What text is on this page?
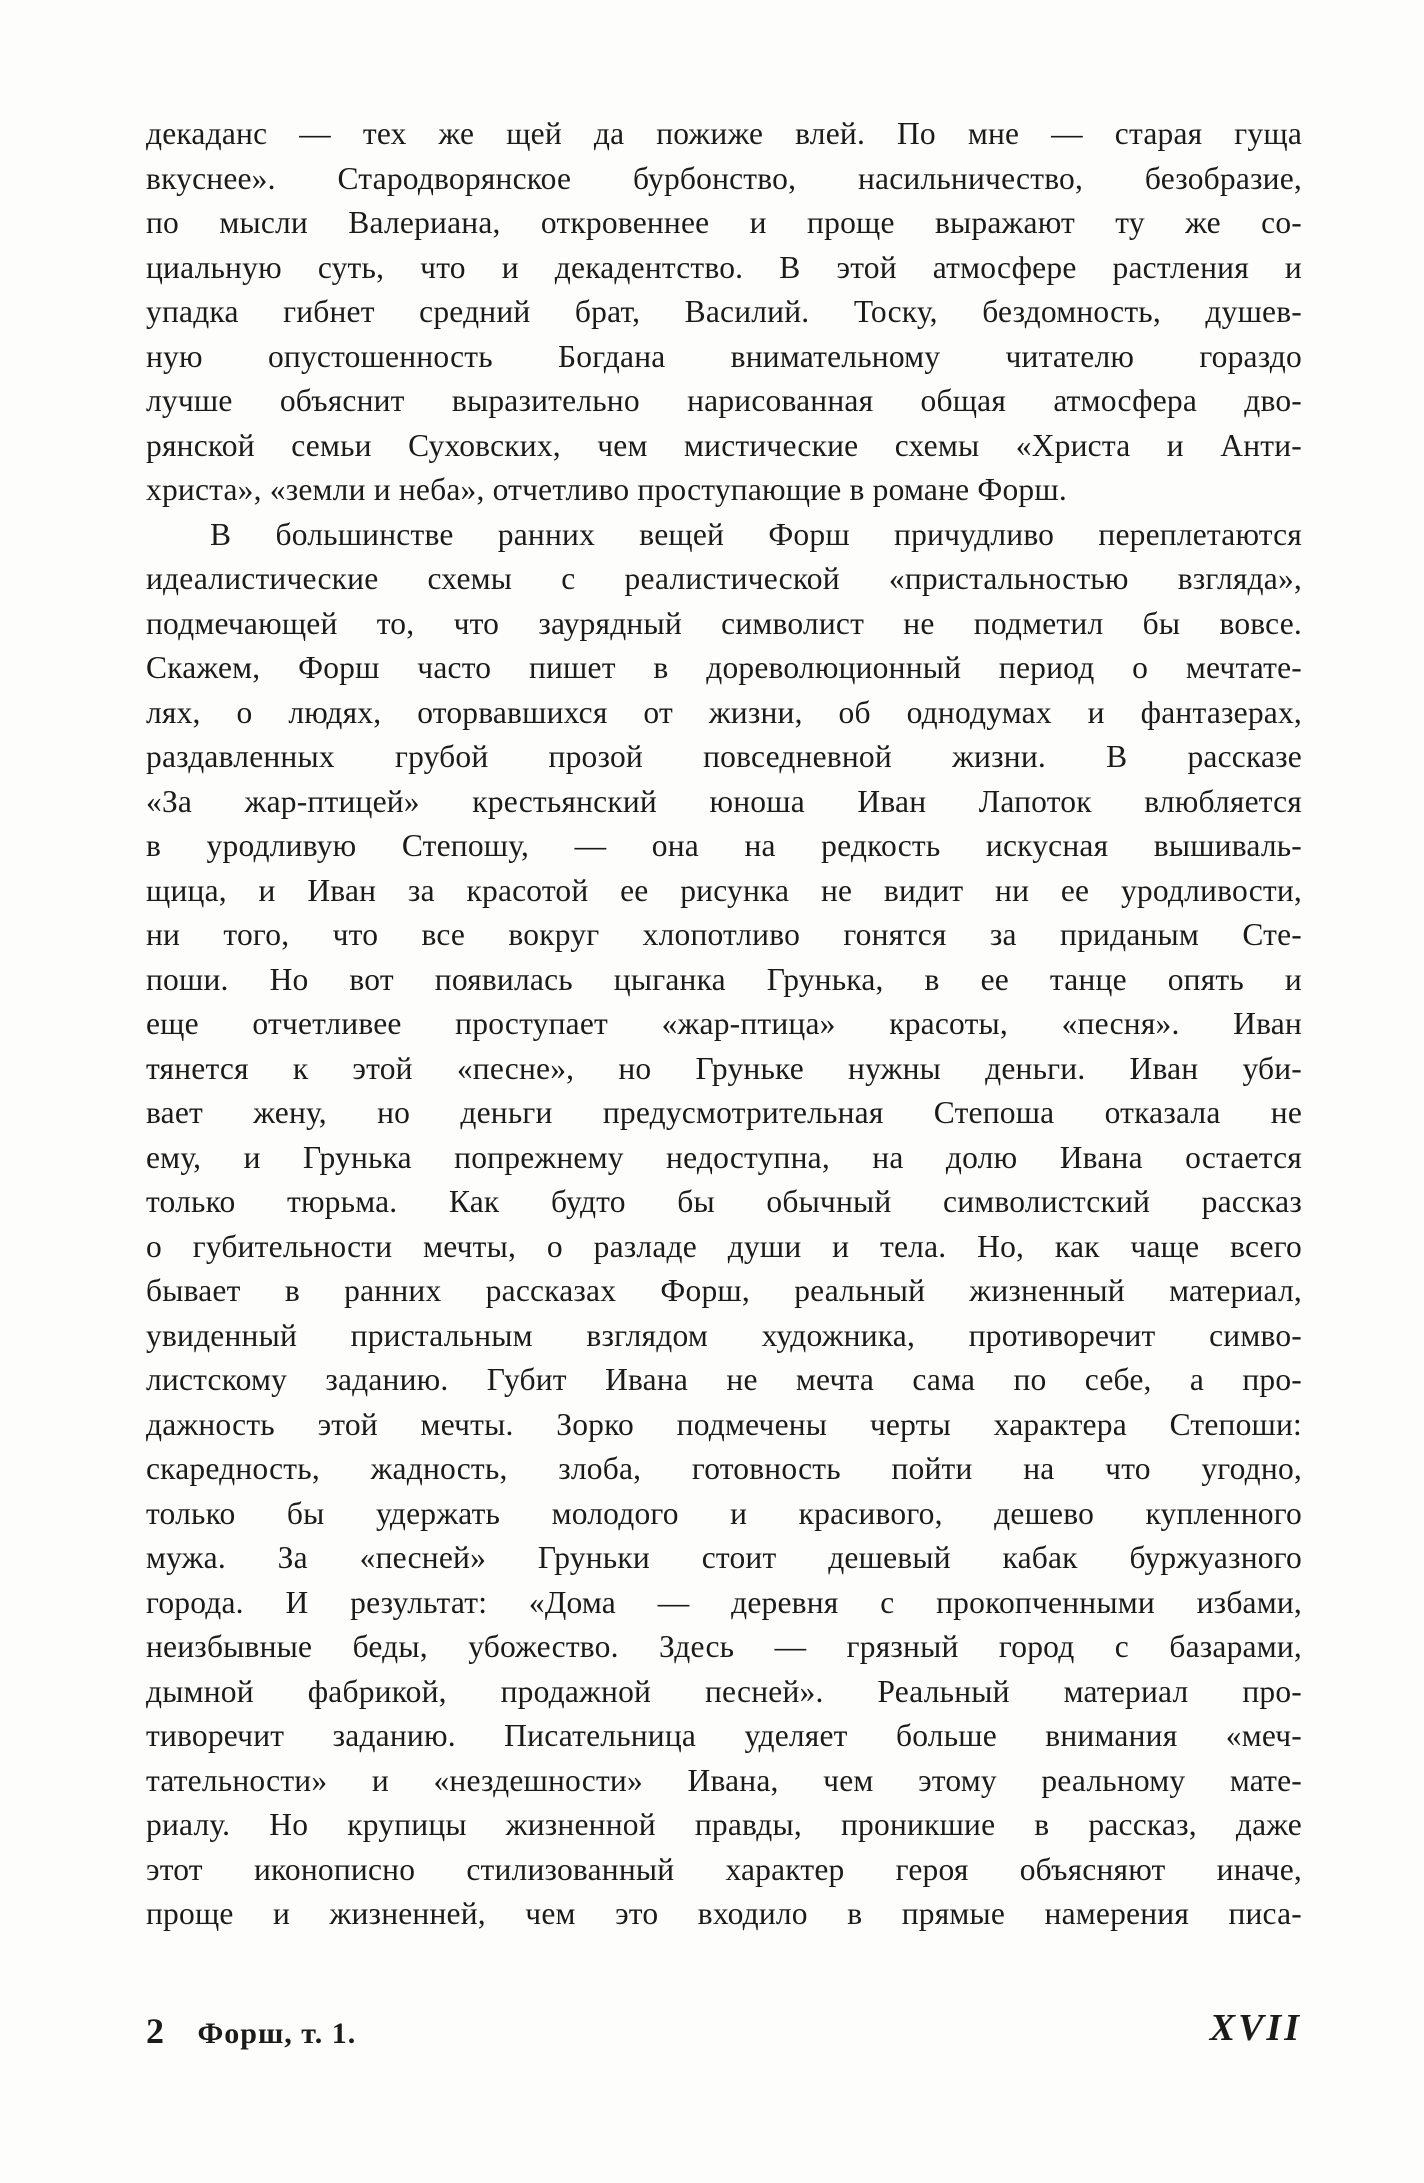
декаданс — тех же щей да пожиже влей. По мне — старая гуща
вкуснее». Стародворянское бурбонство, насильничество, безобразие,
по мысли Валериана, откровеннее и проще выражают ту же со-
циальную суть, что и декадентство. В этой атмосфере растления и
упадка гибнет средний брат, Василий. Тоску, бездомность, душев-
ную опустошенность Богдана внимательному читателю гораздо
лучше объяснит выразительно нарисованная общая атмосфера дво-
рянской семьи Суховских, чем мистические схемы «Христа и Анти-
христа», «земли и неба», отчетливо проступающие в романе Форш.
В большинстве ранних вещей Форш причудливо переплетаются
идеалистические схемы с реалистической «пристальностью взгляда»,
подмечающей то, что заурядный символист не подметил бы вовсе.
Скажем, Форш часто пишет в дореволюционный период о мечтате-
лях, о людях, оторвавшихся от жизни, об однодумах и фантазерах,
раздавленных грубой прозой повседневной жизни. В рассказе
«За жар-птицей» крестьянский юноша Иван Лапоток влюбляется
в уродливую Степошу, — она на редкость искусная вышиваль-
щица, и Иван за красотой ее рисунка не видит ни ее уродливости,
ни того, что все вокруг хлопотливо гонятся за приданым Сте-
поши. Но вот появилась цыганка Грунька, в ее танце опять и
еще отчетливее проступает «жар-птица» красоты, «песня». Иван
тянется к этой «песне», но Груньке нужны деньги. Иван уби-
вает жену, но деньги предусмотрительная Степоша отказала не
ему, и Грунька попрежнему недоступна, на долю Ивана остается
только тюрьма. Как будто бы обычный символистский рассказ
о губительности мечты, о разладе души и тела. Но, как чаще всего
бывает в ранних рассказах Форш, реальный жизненный материал,
увиденный пристальным взглядом художника, противоречит симво-
листскому заданию. Губит Ивана не мечта сама по себе, а про-
дажность этой мечты. Зорко подмечены черты характера Степоши:
скаредность, жадность, злоба, готовность пойти на что угодно,
только бы удержать молодого и красивого, дешево купленного
мужа. За «песней» Груньки стоит дешевый кабак буржуазного
города. И результат: «Дома — деревня с прокопченными избами,
неизбывные беды, убожество. Здесь — грязный город с базарами,
дымной фабрикой, продажной песней». Реальный материал про-
тиворечит заданию. Писательница уделяет больше внимания «меч-
тательности» и «нездешности» Ивана, чем этому реальному мате-
риалу. Но крупицы жизненной правды, проникшие в рассказ, даже
этот иконописно стилизованный характер героя объясняют иначе,
проще и жизненней, чем это входило в прямые намерения писа-
2 Форш, т. 1.	XVII
